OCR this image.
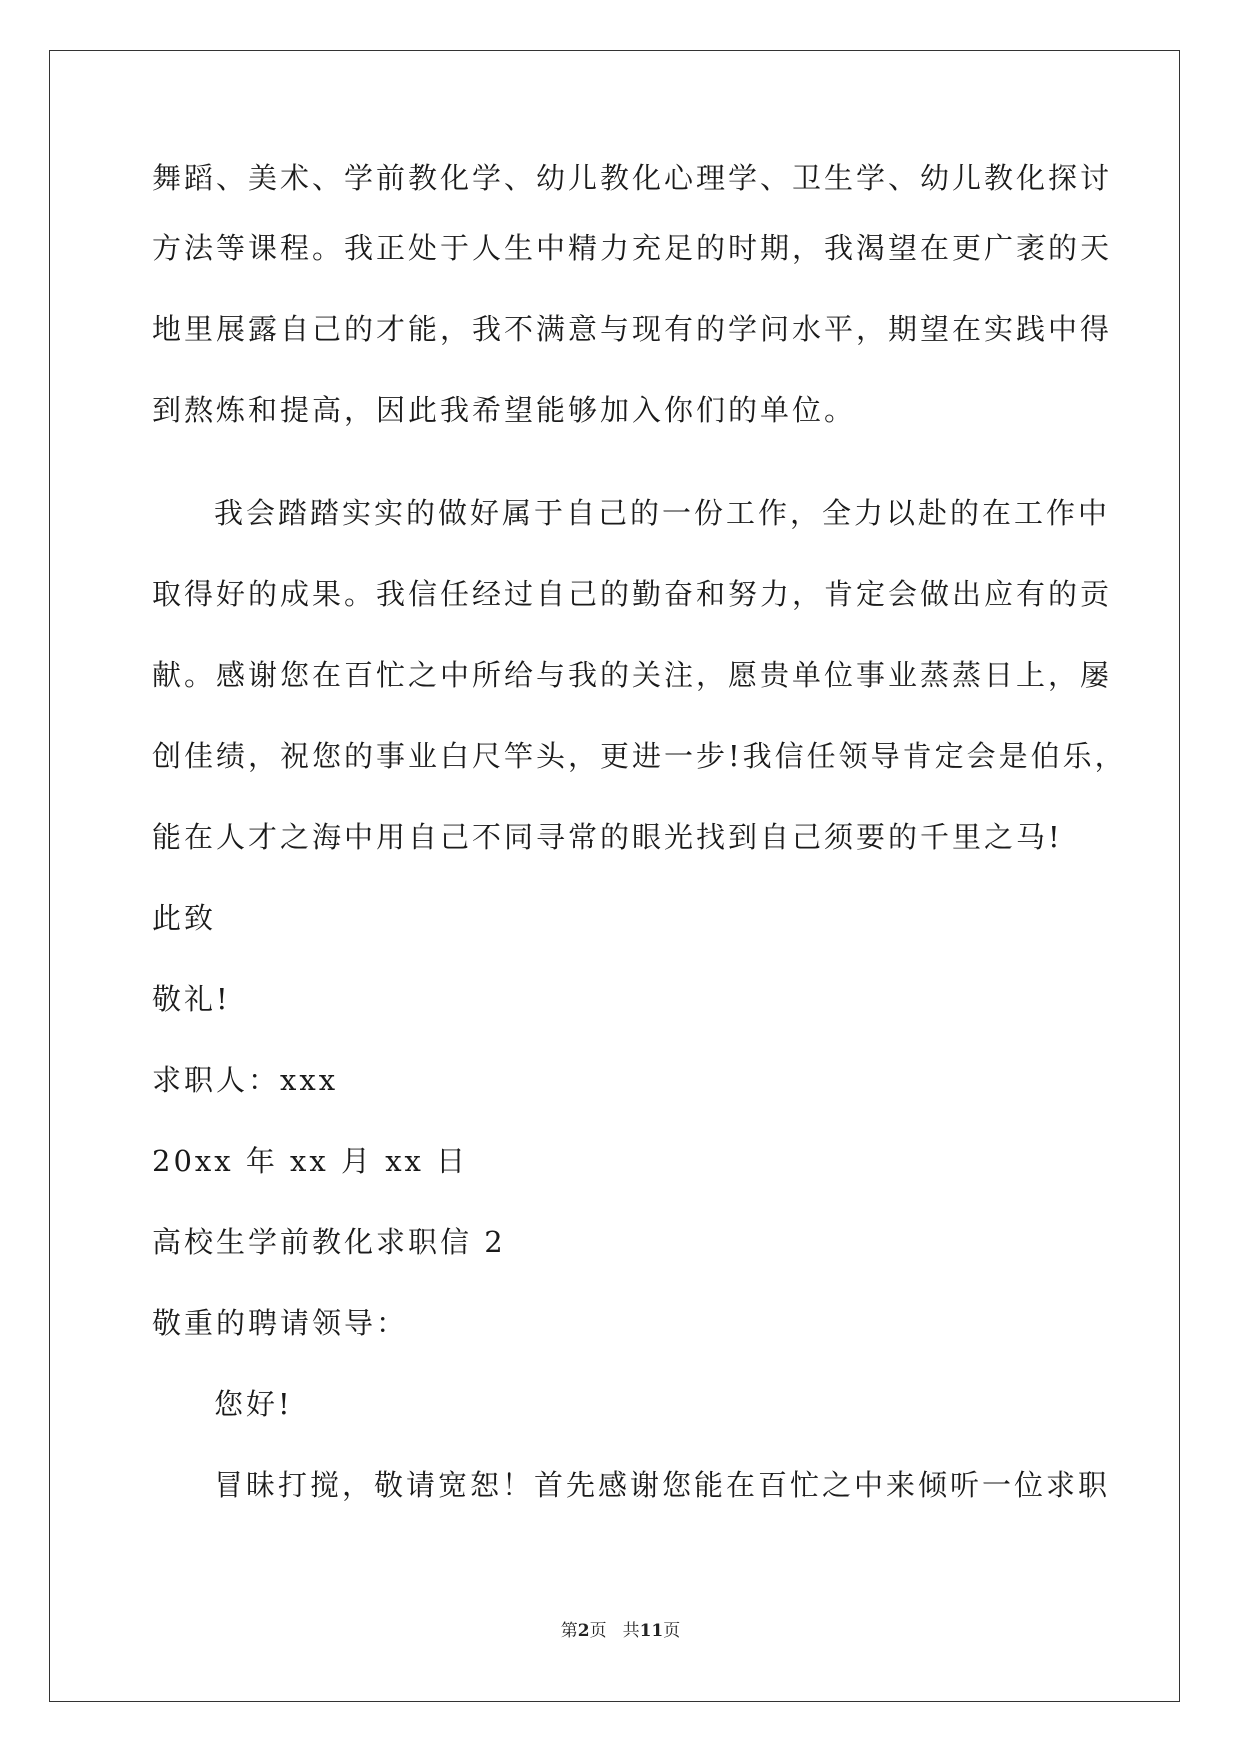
舞蹈、美术、学前教化学、幼儿教化心理学、卫生学、幼儿教化探讨
方法等课程。我正处于人生中精力充足的时期，我渴望在更广袤的天
地里展露自己的才能，我不满意与现有的学问水平，期望在实践中得
到熬炼和提高，因此我希望能够加入你们的单位。
我会踏踏实实的做好属于自己的一份工作，全力以赴的在工作中
取得好的成果。我信任经过自己的勤奋和努力，肯定会做出应有的贡
献。感谢您在百忙之中所给与我的关注，愿贵单位事业蒸蒸日上，屡
创佳绩，祝您的事业白尺竿头，更进一步!我信任领导肯定会是伯乐，
能在人才之海中用自己不同寻常的眼光找到自己须要的千里之马!
此致
敬礼!
求职人：xxx
20xx 年 xx 月 xx 日
高校生学前教化求职信 2
敬重的聘请领导：
您好!
冒昧打搅，敬请宽恕！首先感谢您能在百忙之中来倾听一位求职
第2页 共11页
